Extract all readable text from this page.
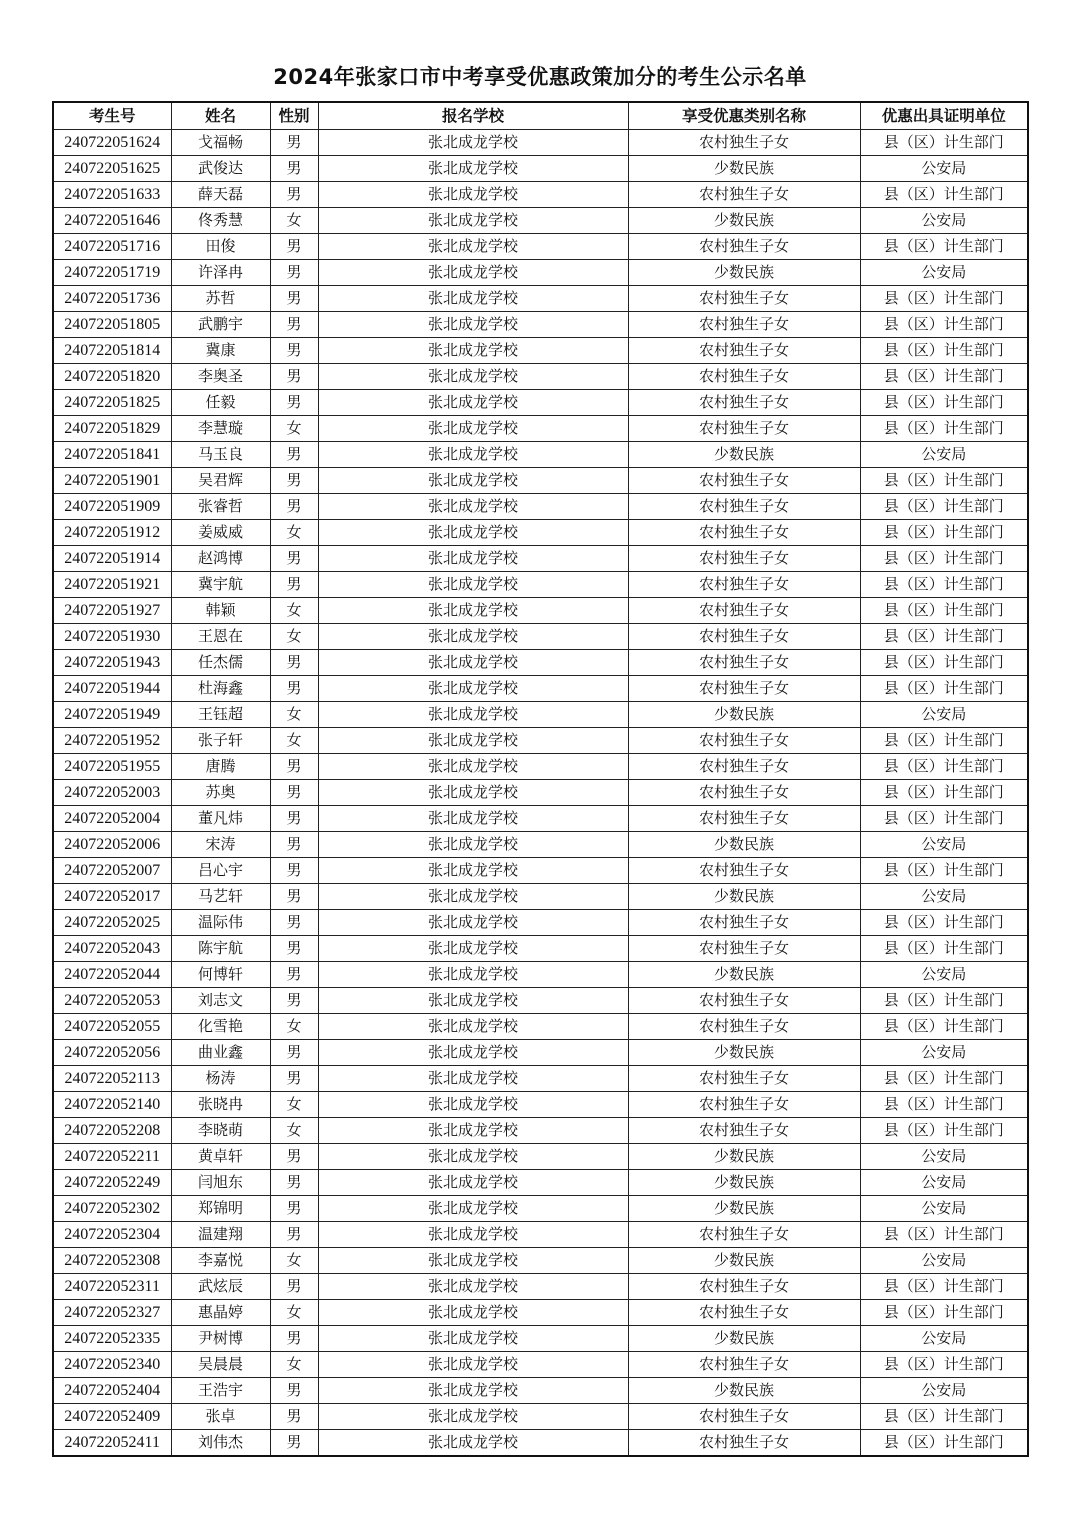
2024年张家口市中考享受优惠政策加分的考生公示名单
考生号	姓名	性别	报名学校	享受优惠类别名称	优惠出具证明单位
240722051624	戈福畅	男	张北成龙学校	农村独生子女	县（区）计生部门
240722051625	武俊达	男	张北成龙学校	少数民族	公安局
240722051633	薛天磊	男	张北成龙学校	农村独生子女	县（区）计生部门
240722051646	佟秀慧	女	张北成龙学校	少数民族	公安局
240722051716	田俊	男	张北成龙学校	农村独生子女	县（区）计生部门
240722051719	许泽冉	男	张北成龙学校	少数民族	公安局
240722051736	苏哲	男	张北成龙学校	农村独生子女	县（区）计生部门
240722051805	武鹏宇	男	张北成龙学校	农村独生子女	县（区）计生部门
240722051814	冀康	男	张北成龙学校	农村独生子女	县（区）计生部门
240722051820	李奥圣	男	张北成龙学校	农村独生子女	县（区）计生部门
240722051825	任毅	男	张北成龙学校	农村独生子女	县（区）计生部门
240722051829	李慧璇	女	张北成龙学校	农村独生子女	县（区）计生部门
240722051841	马玉良	男	张北成龙学校	少数民族	公安局
240722051901	吴君辉	男	张北成龙学校	农村独生子女	县（区）计生部门
240722051909	张睿哲	男	张北成龙学校	农村独生子女	县（区）计生部门
240722051912	姜威威	女	张北成龙学校	农村独生子女	县（区）计生部门
240722051914	赵鸿博	男	张北成龙学校	农村独生子女	县（区）计生部门
240722051921	冀宇航	男	张北成龙学校	农村独生子女	县（区）计生部门
240722051927	韩颖	女	张北成龙学校	农村独生子女	县（区）计生部门
240722051930	王恩在	女	张北成龙学校	农村独生子女	县（区）计生部门
240722051943	任杰儒	男	张北成龙学校	农村独生子女	县（区）计生部门
240722051944	杜海鑫	男	张北成龙学校	农村独生子女	县（区）计生部门
240722051949	王钰超	女	张北成龙学校	少数民族	公安局
240722051952	张子轩	女	张北成龙学校	农村独生子女	县（区）计生部门
240722051955	唐腾	男	张北成龙学校	农村独生子女	县（区）计生部门
240722052003	苏奥	男	张北成龙学校	农村独生子女	县（区）计生部门
240722052004	董凡炜	男	张北成龙学校	农村独生子女	县（区）计生部门
240722052006	宋涛	男	张北成龙学校	少数民族	公安局
240722052007	吕心宇	男	张北成龙学校	农村独生子女	县（区）计生部门
240722052017	马艺轩	男	张北成龙学校	少数民族	公安局
240722052025	温际伟	男	张北成龙学校	农村独生子女	县（区）计生部门
240722052043	陈宇航	男	张北成龙学校	农村独生子女	县（区）计生部门
240722052044	何博轩	男	张北成龙学校	少数民族	公安局
240722052053	刘志文	男	张北成龙学校	农村独生子女	县（区）计生部门
240722052055	化雪艳	女	张北成龙学校	农村独生子女	县（区）计生部门
240722052056	曲业鑫	男	张北成龙学校	少数民族	公安局
240722052113	杨涛	男	张北成龙学校	农村独生子女	县（区）计生部门
240722052140	张晓冉	女	张北成龙学校	农村独生子女	县（区）计生部门
240722052208	李晓萌	女	张北成龙学校	农村独生子女	县（区）计生部门
240722052211	黄卓轩	男	张北成龙学校	少数民族	公安局
240722052249	闫旭东	男	张北成龙学校	少数民族	公安局
240722052302	郑锦明	男	张北成龙学校	少数民族	公安局
240722052304	温建翔	男	张北成龙学校	农村独生子女	县（区）计生部门
240722052308	李嘉悦	女	张北成龙学校	少数民族	公安局
240722052311	武炫辰	男	张北成龙学校	农村独生子女	县（区）计生部门
240722052327	惠晶婷	女	张北成龙学校	农村独生子女	县（区）计生部门
240722052335	尹树博	男	张北成龙学校	少数民族	公安局
240722052340	吴晨晨	女	张北成龙学校	农村独生子女	县（区）计生部门
240722052404	王浩宇	男	张北成龙学校	少数民族	公安局
240722052409	张卓	男	张北成龙学校	农村独生子女	县（区）计生部门
240722052411	刘伟杰	男	张北成龙学校	农村独生子女	县（区）计生部门
